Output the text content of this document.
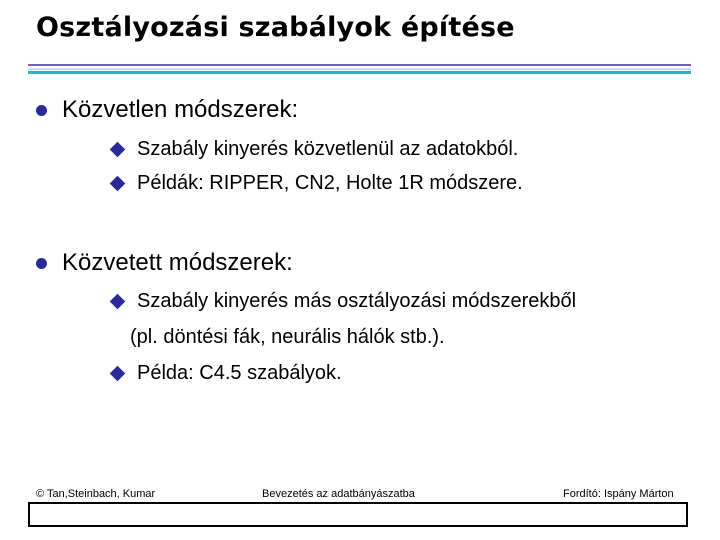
Osztályozási szabályok építése
Közvetlen módszerek:
Szabály kinyerés közvetlenül az adatokból.
Példák: RIPPER, CN2, Holte 1R módszere.
Közvetett módszerek:
Szabály kinyerés más osztályozási módszerekből
(pl. döntési fák, neurális hálók stb.).
Példa: C4.5 szabályok.
© Tan,Steinbach, Kumar	Bevezetés az adatbányászatba	Fordító: Ispány Márton
